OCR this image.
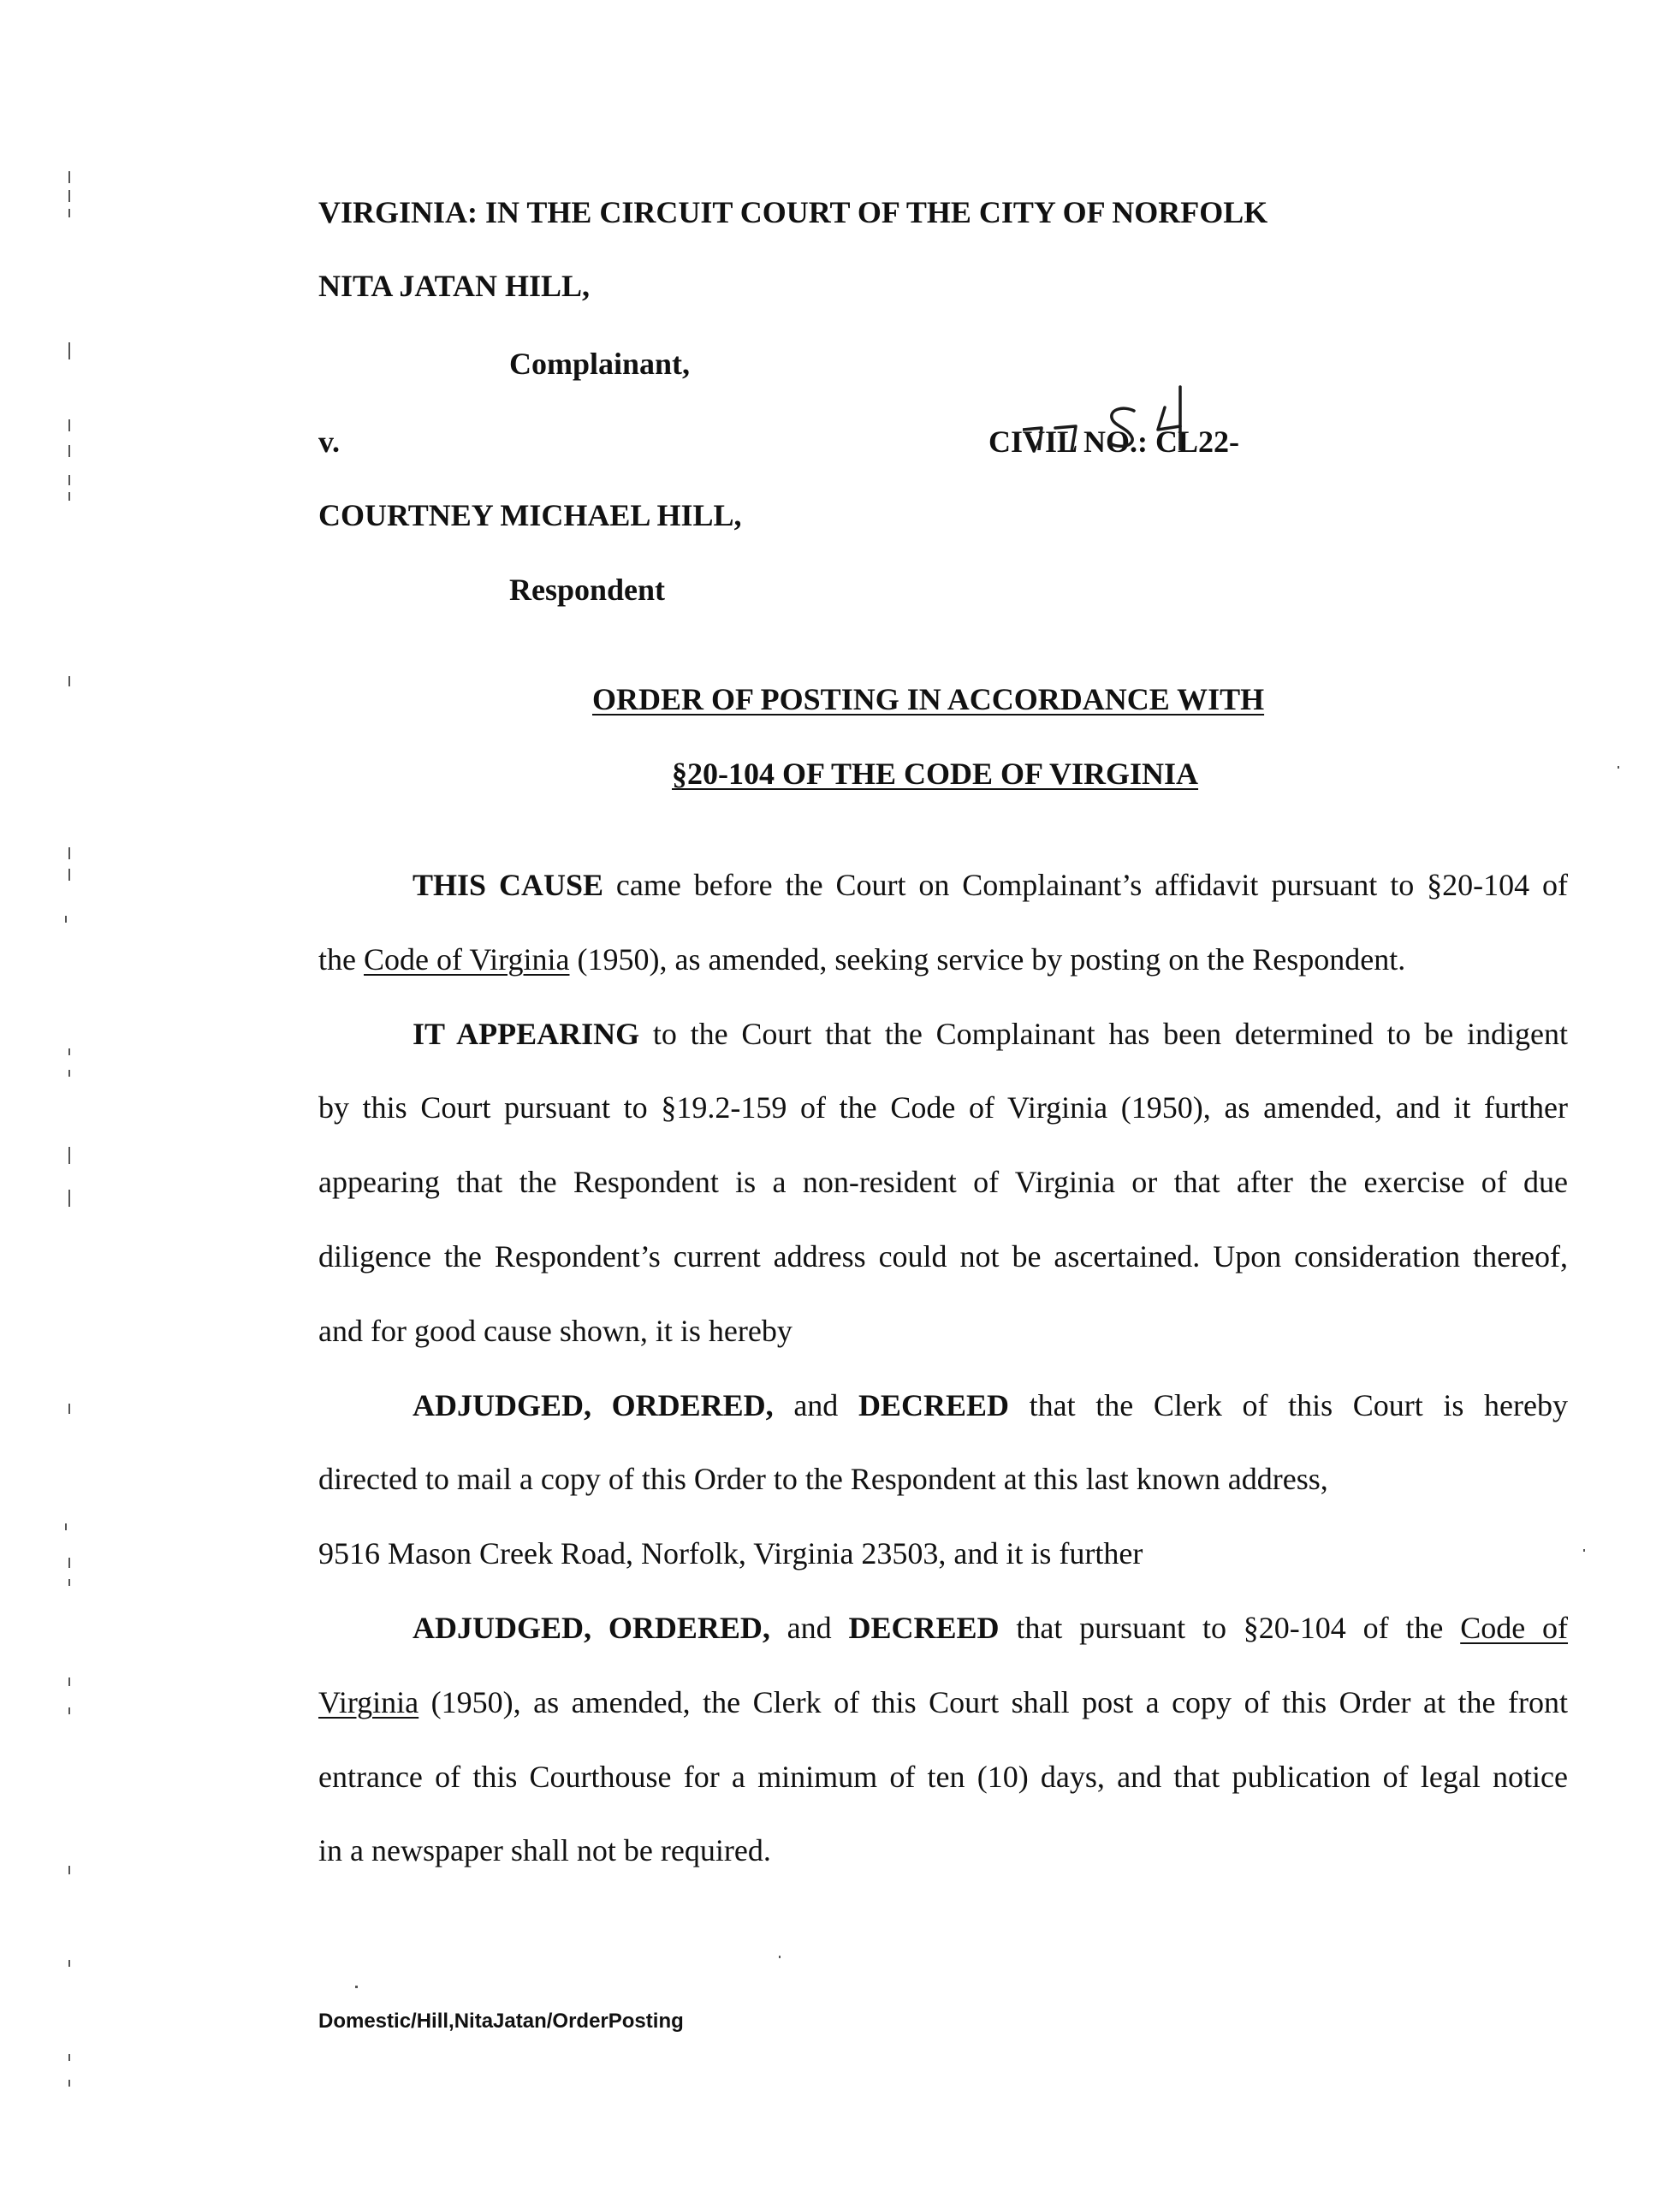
VIRGINIA: IN THE CIRCUIT COURT OF THE CITY OF NORFOLK
NITA JATAN HILL,
Complainant,
v.	CIVIL NO.: CL22-
COURTNEY MICHAEL HILL,
Respondent
ORDER OF POSTING IN ACCORDANCE WITH
§20-104 OF THE CODE OF VIRGINIA
THIS CAUSE came before the Court on Complainant’s affidavit pursuant to §20-104 of
the Code of Virginia (1950), as amended, seeking service by posting on the Respondent.
IT APPEARING to the Court that the Complainant has been determined to be indigent
by this Court pursuant to §19.2-159 of the Code of Virginia (1950), as amended, and it further
appearing that the Respondent is a non-resident of Virginia or that after the exercise of due
diligence the Respondent’s current address could not be ascertained. Upon consideration thereof,
and for good cause shown, it is hereby
ADJUDGED, ORDERED, and DECREED that the Clerk of this Court is hereby
directed to mail a copy of this Order to the Respondent at this last known address,
9516 Mason Creek Road, Norfolk, Virginia 23503, and it is further
ADJUDGED, ORDERED, and DECREED that pursuant to §20-104 of the Code of
Virginia (1950), as amended, the Clerk of this Court shall post a copy of this Order at the front
entrance of this Courthouse for a minimum of ten (10) days, and that publication of legal notice
in a newspaper shall not be required.
Domestic/Hill,NitaJatan/OrderPosting
